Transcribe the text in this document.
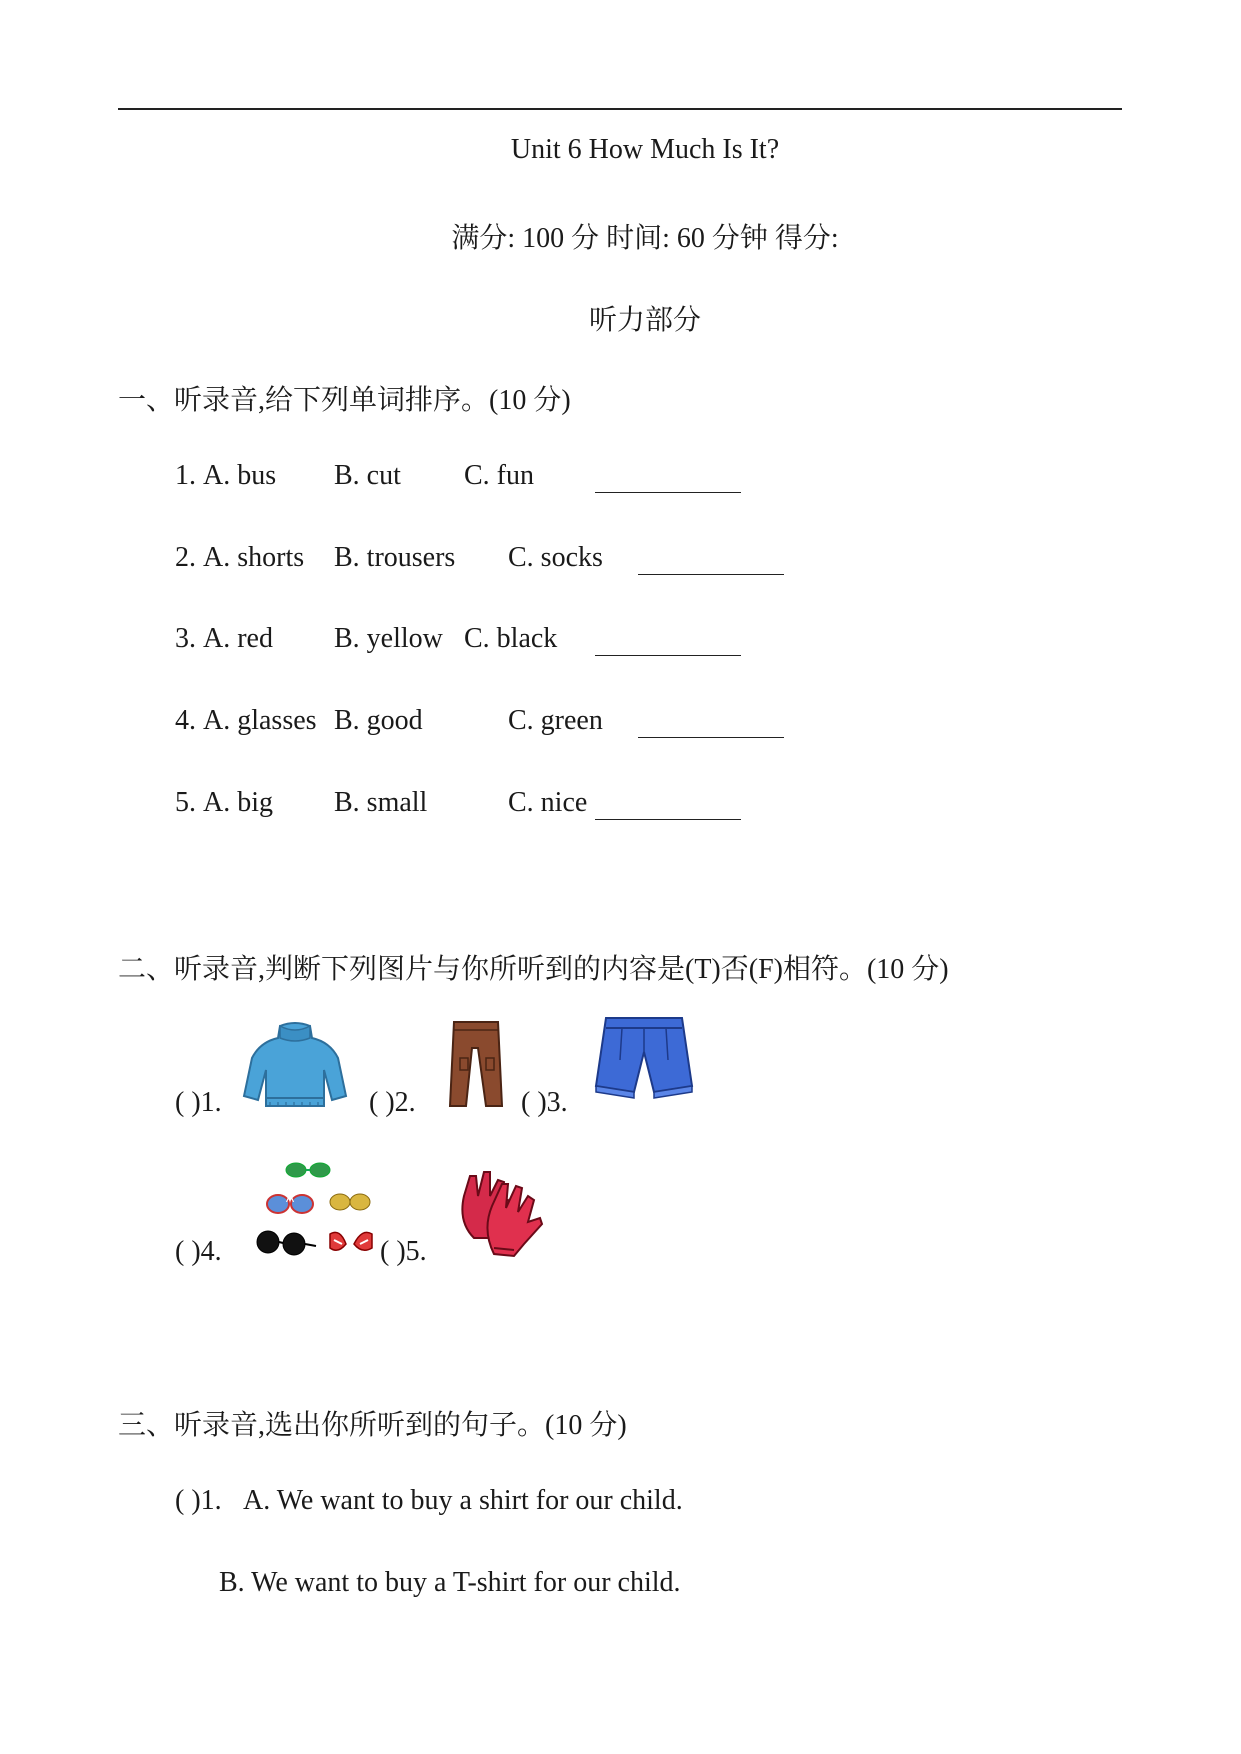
Unit 6 How Much Is It?
满分: 100 分 时间: 60 分钟 得分:
听力部分
一、听录音,给下列单词排序。(10 分)
1. A. bus B. cut C. fun
2. A. shorts B. trousers C. socks
3. A. red B. yellow C. black
4. A. glasses B. good	C. green
5. A. big B. small	C. nice
二、听录音,判断下列图片与你所听到的内容是(T)否(F)相符。(10 分)
( )1.	( )2.	( )3.
( )4.
A
( )5.
三、听录音,选出你所听到的句子。(10 分)
( )1. A. We want to buy a shirt for our child.
B. We want to buy a T-shirt for our child.
